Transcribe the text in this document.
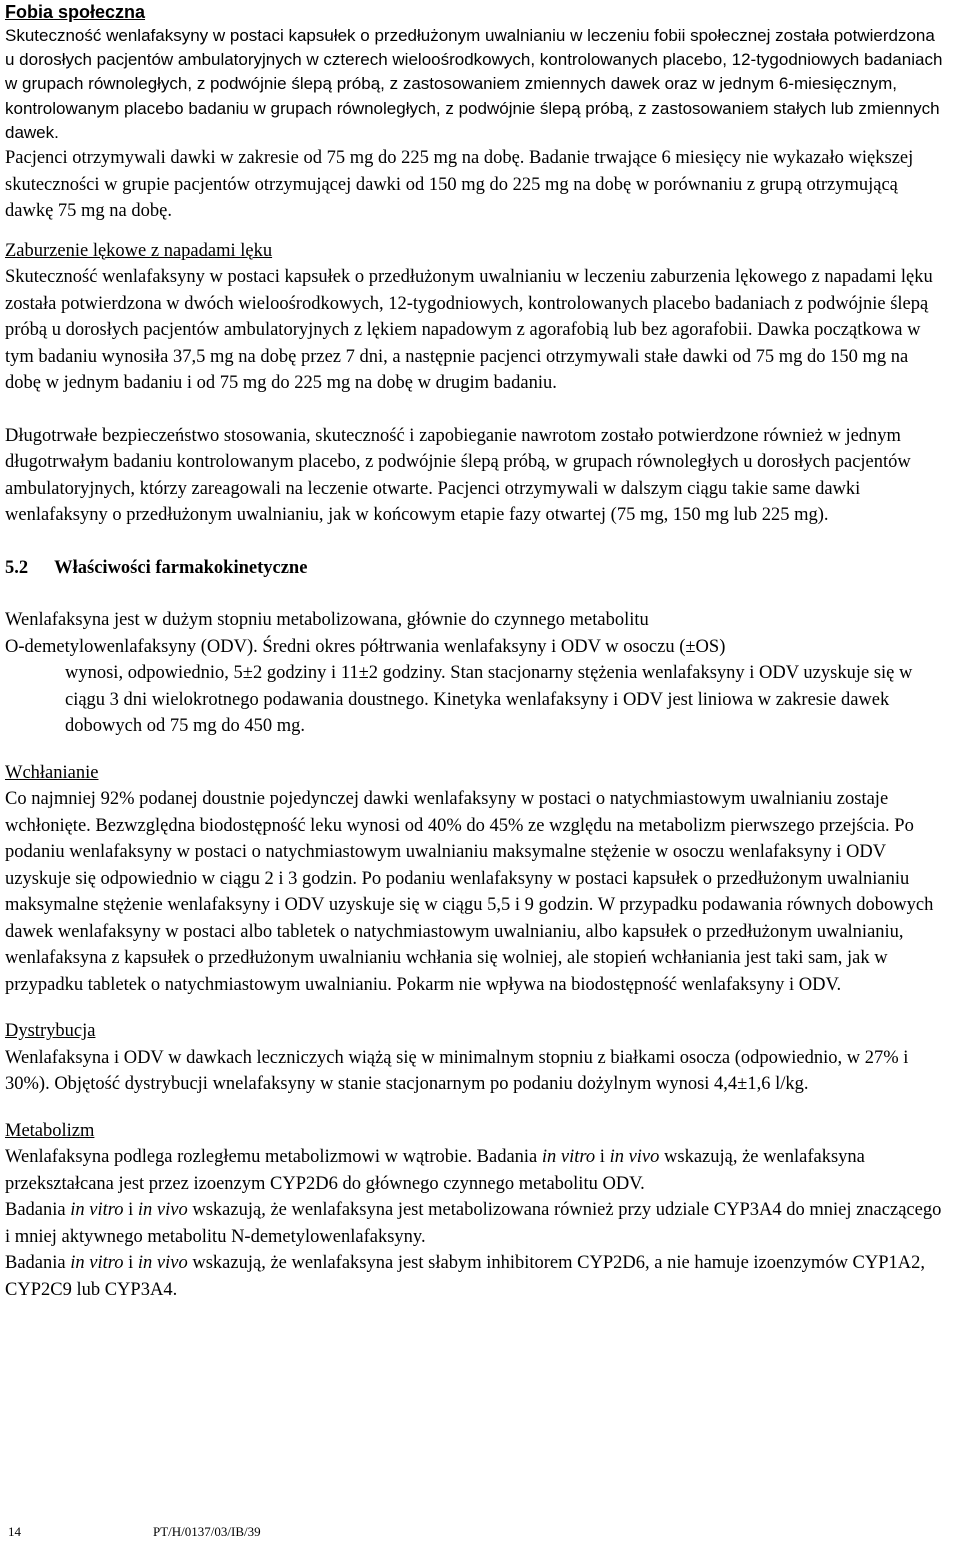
Fobia społeczna

Skuteczność wenlafaksyny w postaci kapsułek o przedłużonym uwalnianiu w leczeniu fobii społecznej została potwierdzona u dorosłych pacjentów ambulatoryjnych w czterech wieloośrodkowych, kontrolowanych placebo, 12-tygodniowych badaniach w grupach równoległych, z podwójnie ślepą próbą, z zastosowaniem zmiennych dawek oraz w jednym 6-miesięcznym, kontrolowanym placebo badaniu w grupach równoległych, z podwójnie ślepą próbą, z zastosowaniem stałych lub zmiennych dawek.

Pacjenci otrzymywali dawki w zakresie od 75 mg do 225 mg na dobę. Badanie trwające 6 miesięcy nie wykazało większej skuteczności w grupie pacjentów otrzymującej dawki od 150 mg do 225 mg na dobę w porównaniu z grupą otrzymującą dawkę 75 mg na dobę.

Zaburzenie lękowe z napadami lęku

Skuteczność wenlafaksyny w postaci kapsułek o przedłużonym uwalnianiu w leczeniu zaburzenia lękowego z napadami lęku została potwierdzona w dwóch wieloośrodkowych, 12-tygodniowych, kontrolowanych placebo badaniach z podwójnie ślepą próbą u dorosłych pacjentów ambulatoryjnych z lękiem napadowym z agorafobią lub bez agorafobii. Dawka początkowa w tym badaniu wynosiła 37,5 mg na dobę przez 7 dni, a następnie pacjenci otrzymywali stałe dawki od 75 mg do 150 mg na dobę w jednym badaniu i od 75 mg do 225 mg na dobę w drugim badaniu.

Długotrwałe bezpieczeństwo stosowania, skuteczność i zapobieganie nawrotom zostało potwierdzone również w jednym długotrwałym badaniu kontrolowanym placebo, z podwójnie ślepą próbą, w grupach równoległych u dorosłych pacjentów ambulatoryjnych, którzy zareagowali na leczenie otwarte. Pacjenci otrzymywali w dalszym ciągu takie same dawki wenlafaksyny o przedłużonym uwalnianiu, jak w końcowym etapie fazy otwartej (75 mg, 150 mg lub 225 mg).

5.2 Właściwości farmakokinetyczne

Wenlafaksyna jest w dużym stopniu metabolizowana, głównie do czynnego metabolitu

O-demetylowenlafaksyny (ODV). Średni okres półtrwania wenlafaksyny i ODV w osoczu (±OS)

wynosi, odpowiednio, 5±2 godziny i 11±2 godziny. Stan stacjonarny stężenia wenlafaksyny i ODV uzyskuje się w ciągu 3 dni wielokrotnego podawania doustnego. Kinetyka wenlafaksyny i ODV jest liniowa w zakresie dawek dobowych od 75 mg do 450 mg.

Wchłanianie

Co najmniej 92% podanej doustnie pojedynczej dawki wenlafaksyny w postaci o natychmiastowym uwalnianiu zostaje wchłonięte. Bezwzględna biodostępność leku wynosi od 40% do 45% ze względu na metabolizm pierwszego przejścia. Po podaniu wenlafaksyny w postaci o natychmiastowym uwalnianiu maksymalne stężenie w osoczu wenlafaksyny i ODV uzyskuje się odpowiednio w ciągu 2 i 3 godzin. Po podaniu wenlafaksyny w postaci kapsułek o przedłużonym uwalnianiu maksymalne stężenie wenlafaksyny i ODV uzyskuje się w ciągu 5,5 i 9 godzin. W przypadku podawania równych dobowych dawek wenlafaksyny w postaci albo tabletek o natychmiastowym uwalnianiu, albo kapsułek o przedłużonym uwalnianiu, wenlafaksyna z kapsułek o przedłużonym uwalnianiu wchłania się wolniej, ale stopień wchłaniania jest taki sam, jak w przypadku tabletek o natychmiastowym uwalnianiu. Pokarm nie wpływa na biodostępność wenlafaksyny i ODV.

Dystrybucja

Wenlafaksyna i ODV w dawkach leczniczych wiążą się w minimalnym stopniu z białkami osocza (odpowiednio, w 27% i 30%). Objętość dystrybucji wnelafaksyny w stanie stacjonarnym po podaniu dożylnym wynosi 4,4±1,6 l/kg.

Metabolizm

Wenlafaksyna podlega rozległemu metabolizmowi w wątrobie. Badania in vitro i in vivo wskazują, że wenlafaksyna przekształcana jest przez izoenzym CYP2D6 do głównego czynnego metabolitu ODV.

Badania in vitro i in vivo wskazują, że wenlafaksyna jest metabolizowana również przy udziale CYP3A4 do mniej znaczącego i mniej aktywnego metabolitu N-demetylowenlafaksyny.

Badania in vitro i in vivo wskazują, że wenlafaksyna jest słabym inhibitorem CYP2D6, a nie hamuje izoenzymów CYP1A2, CYP2C9 lub CYP3A4.

14	PT/H/0137/03/IB/39
